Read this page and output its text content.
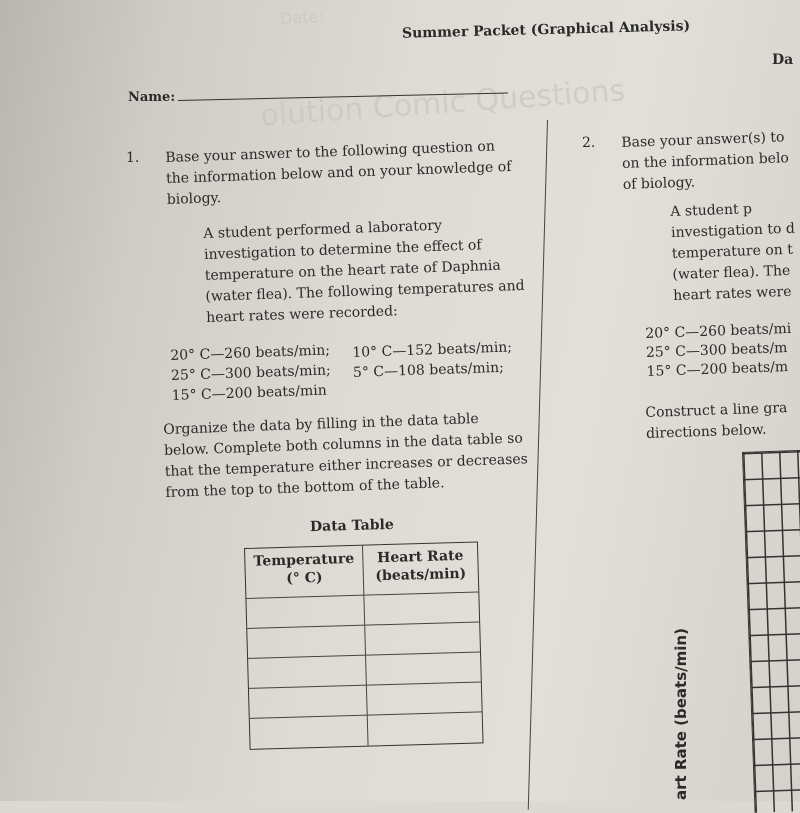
Date:
olution Comic Questions
Summer Packet (Graphical Analysis)
Da
Name:
1. Base your answer to the following question on
the information below and on your knowledge of
biology.
A student performed a laboratory
investigation to determine the effect of
temperature on the heart rate of Daphnia
(water flea). The following temperatures and
heart rates were recorded:
20° C—260 beats/min;
25° C—300 beats/min;
15° C—200 beats/min
10° C—152 beats/min;
5° C—108 beats/min;
Organize the data by filling in the data table
below. Complete both columns in the data table so
that the temperature either increases or decreases
from the top to the bottom of the table.
Data Table
Temperature
(° C)
Heart Rate
(beats/min)
2. Base your answer(s) to
on the information belo
of biology.
A student p
investigation to d
temperature on t
(water flea). The
heart rates were
20° C—260 beats/mi
25° C—300 beats/m
15° C—200 beats/m
Construct a line gra
directions below.
art Rate (beats/min)
